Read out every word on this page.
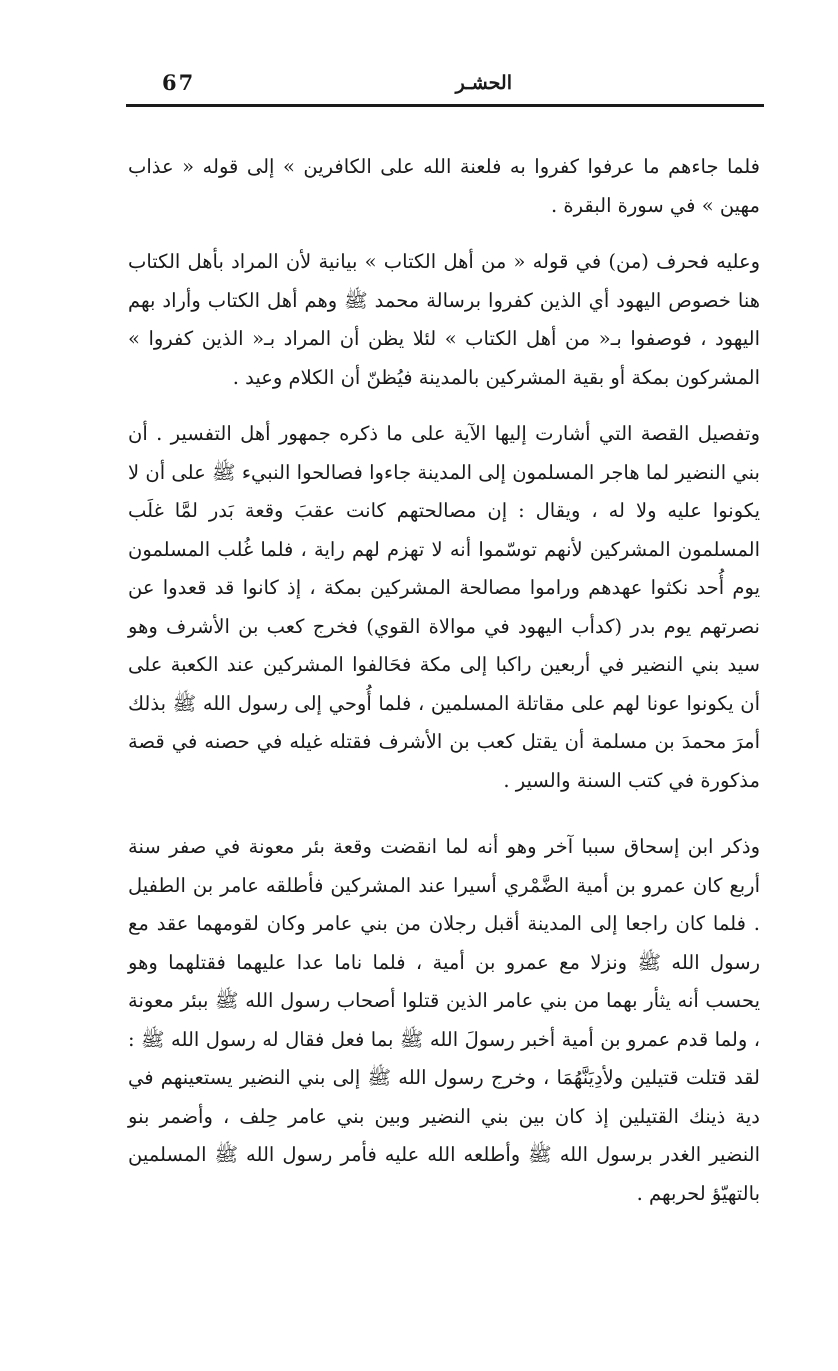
67	الحشـر

فلما جاءهم ما عرفوا كفروا به فلعنة الله على الكافرين » إلى قوله « عذاب مهين » في سورة البقرة .

وعليه فحرف (من) في قوله « من أهل الكتاب » بيانية لأن المراد بأهل الكتاب هنا خصوص اليهود أي الذين كفروا برسالة محمد ﷺ وهم أهل الكتاب وأراد بهم اليهود ، فوصفوا بـ« من أهل الكتاب » لئلا يظن أن المراد بـ« الذين كفروا » المشركون بمكة أو بقية المشركين بالمدينة فيُظنّ أن الكلام وعيد .

وتفصيل القصة التي أشارت إليها الآية على ما ذكره جمهور أهل التفسير . أن بني النضير لما هاجر المسلمون إلى المدينة جاءوا فصالحوا النبيء ﷺ على أن لا يكونوا عليه ولا له ، ويقال : إن مصالحتهم كانت عقبَ وقعة بَدر لمَّا غلَب المسلمون المشركين لأنهم توسّموا أنه لا تهزم لهم راية ، فلما غُلب المسلمون يوم أُحد نكثوا عهدهم وراموا مصالحة المشركين بمكة ، إذ كانوا قد قعدوا عن نصرتهم يوم بدر (كدأب اليهود في موالاة القوي) فخرج كعب بن الأشرف وهو سيد بني النضير في أربعين راكبا إلى مكة فحَالفوا المشركين عند الكعبة على أن يكونوا عونا لهم على مقاتلة المسلمين ، فلما أُوحي إلى رسول الله ﷺ بذلك أمرَ محمدَ بن مسلمة أن يقتل كعب بن الأشرف فقتله غيله في حصنه في قصة مذكورة في كتب السنة والسير .

وذكر ابن إسحاق سببا آخر وهو أنه لما انقضت وقعة بئر معونة في صفر سنة أربع كان عمرو بن أمية الضَّمْري أسيرا عند المشركين فأطلقه عامر بن الطفيل . فلما كان راجعا إلى المدينة أقبل رجلان من بني عامر وكان لقومهما عقد مع رسول الله ﷺ ونزلا مع عمرو بن أمية ، فلما ناما عدا عليهما فقتلهما وهو يحسب أنه يثأر بهما من بني عامر الذين قتلوا أصحاب رسول الله ﷺ ببئر معونة ، ولما قدم عمرو بن أمية أخبر رسولَ الله ﷺ بما فعل فقال له رسول الله ﷺ : لقد قتلت قتيلين ولأدِيَنَّهُمَا ، وخرج رسول الله ﷺ إلى بني النضير يستعينهم في دية ذينك القتيلين إذ كان بين بني النضير وبين بني عامر حِلف ، وأضمر بنو النضير الغدر برسول الله ﷺ وأطلعه الله عليه فأمر رسول الله ﷺ المسلمين بالتهيّؤ لحربهم .
